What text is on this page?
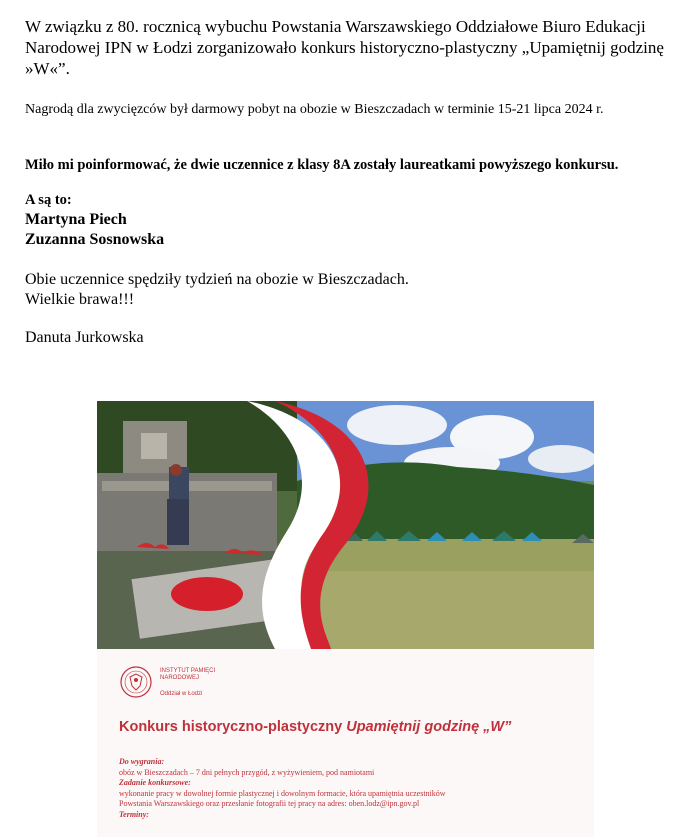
W związku z 80. rocznicą wybuchu Powstania Warszawskiego Oddziałowe Biuro Edukacji Narodowej IPN w Łodzi zorganizowało konkurs historyczno-plastyczny „Upamiętnij godzinę »W«”.

Nagrodą dla zwycięzców był darmowy pobyt na obozie w Bieszczadach w terminie 15-21 lipca 2024 r.

Miło mi poinformować, że dwie uczennice z klasy 8A zostały laureatkami powyższego konkursu.

A są to:

Martyna Piech
Zuzanna Sosnowska
Obie uczennice spędziły tydzień na obozie w Bieszczadach.
Wielkie brawa!!!

Danuta Jurkowska

INSTYTUT PAMIĘCI NARODOWEJ
Oddział w Łodzi
Konkurs historyczno-plastyczny Upamiętnij godzinę „W”
Do wygrania:
obóz w Bieszczadach – 7 dni pełnych przygód, z wyżywieniem, pod namiotami
Zadanie konkursowe:
wykonanie pracy w dowolnej formie plastycznej i dowolnym formacie, która upamiętnia uczestników
Powstania Warszawskiego oraz przesłanie fotografii tej pracy na adres: oben.lodz@ipn.gov.pl
Terminy:
